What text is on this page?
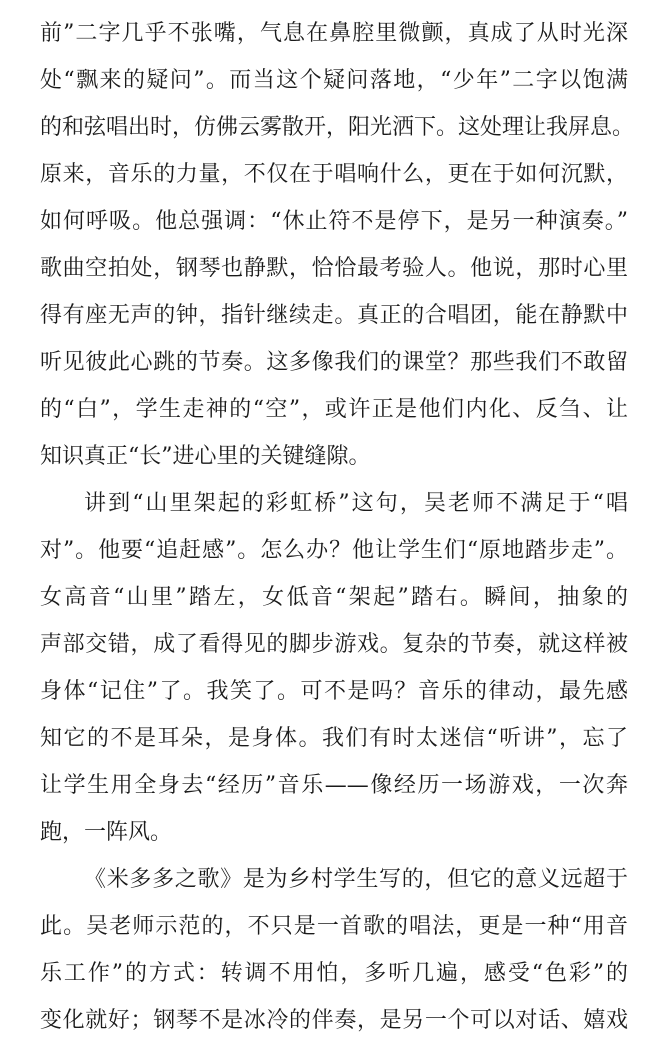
前”二字几乎不张嘴，气息在鼻腔里微颤，真成了从时光深
处“飘来的疑问”。而当这个疑问落地，“少年”二字以饱满
的和弦唱出时，仿佛云雾散开，阳光洒下。这处理让我屏息。
原来，音乐的力量，不仅在于唱响什么，更在于如何沉默，
如何呼吸。他总强调：“休止符不是停下，是另一种演奏。”
歌曲空拍处，钢琴也静默，恰恰最考验人。他说，那时心里
得有座无声的钟，指针继续走。真正的合唱团，能在静默中
听见彼此心跳的节奏。这多像我们的课堂？那些我们不敢留
的“白”，学生走神的“空”，或许正是他们内化、反刍、让
知识真正“长”进心里的关键缝隙。
讲到“山里架起的彩虹桥”这句，吴老师不满足于“唱
对”。他要“追赶感”。怎么办？他让学生们“原地踏步走”。
女高音“山里”踏左，女低音“架起”踏右。瞬间，抽象的
声部交错，成了看得见的脚步游戏。复杂的节奏，就这样被
身体“记住”了。我笑了。可不是吗？音乐的律动，最先感
知它的不是耳朵，是身体。我们有时太迷信“听讲”，忘了
让学生用全身去“经历”音乐——像经历一场游戏，一次奔
跑，一阵风。
《米多多之歌》是为乡村学生写的，但它的意义远超于
此。吴老师示范的，不只是一首歌的唱法，更是一种“用音
乐工作”的方式：转调不用怕，多听几遍，感受“色彩”的
变化就好；钢琴不是冰冷的伴奏，是另一个可以对话、嬉戏
